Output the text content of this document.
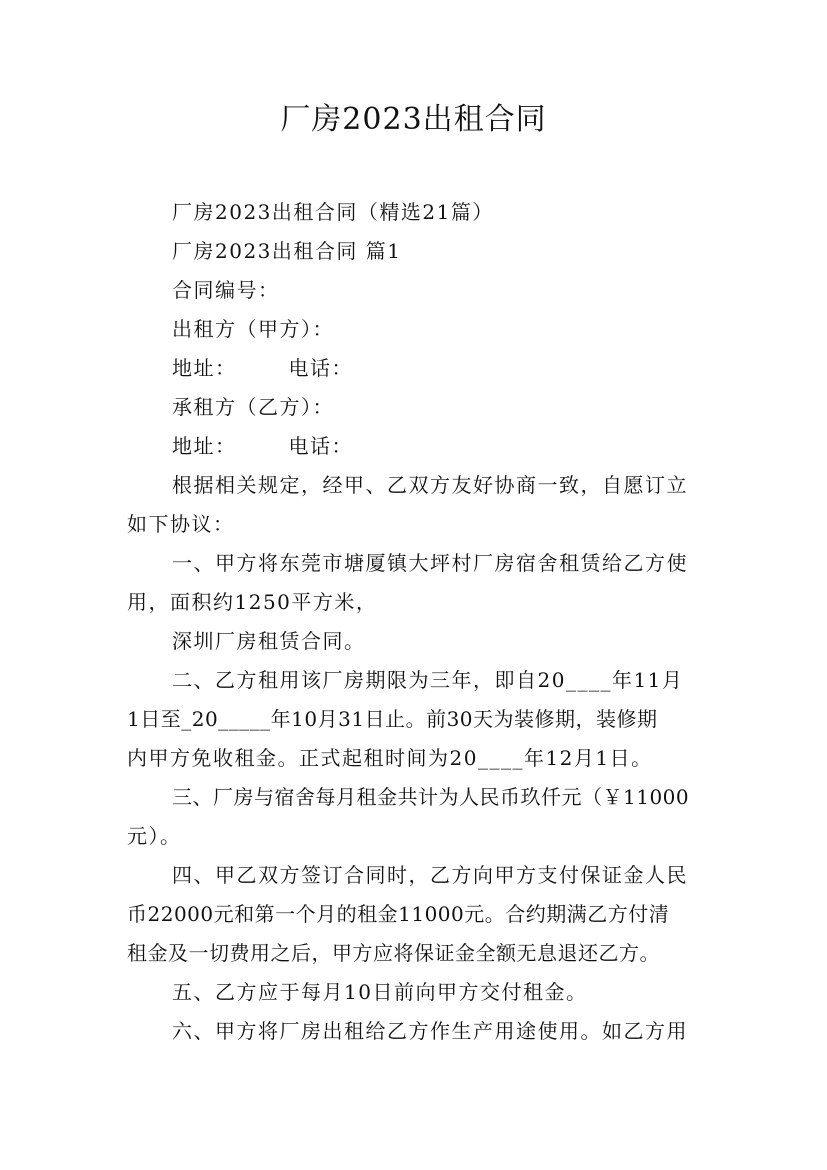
厂房2023出租合同
厂房2023出租合同（精选21篇）
厂房2023出租合同 篇1
合同编号：
出租方（甲方）：
地址：	电话：
承租方（乙方）：
地址：	电话：
根据相关规定，经甲、乙双方友好协商一致，自愿订立
如下协议：
一、甲方将东莞市塘厦镇大坪村厂房宿舍租赁给乙方使
用，面积约1250平方米，
深圳厂房租赁合同。
二、乙方租用该厂房期限为三年，即自20____年11月
1日至_20_____年10月31日止。前30天为装修期，装修期
内甲方免收租金。正式起租时间为20____年12月1日。
三、厂房与宿舍每月租金共计为人民币玖仟元（￥11000
元）。
四、甲乙双方签订合同时，乙方向甲方支付保证金人民
币22000元和第一个月的租金11000元。合约期满乙方付清
租金及一切费用之后，甲方应将保证金全额无息退还乙方。
五、乙方应于每月10日前向甲方交付租金。
六、甲方将厂房出租给乙方作生产用途使用。如乙方用
